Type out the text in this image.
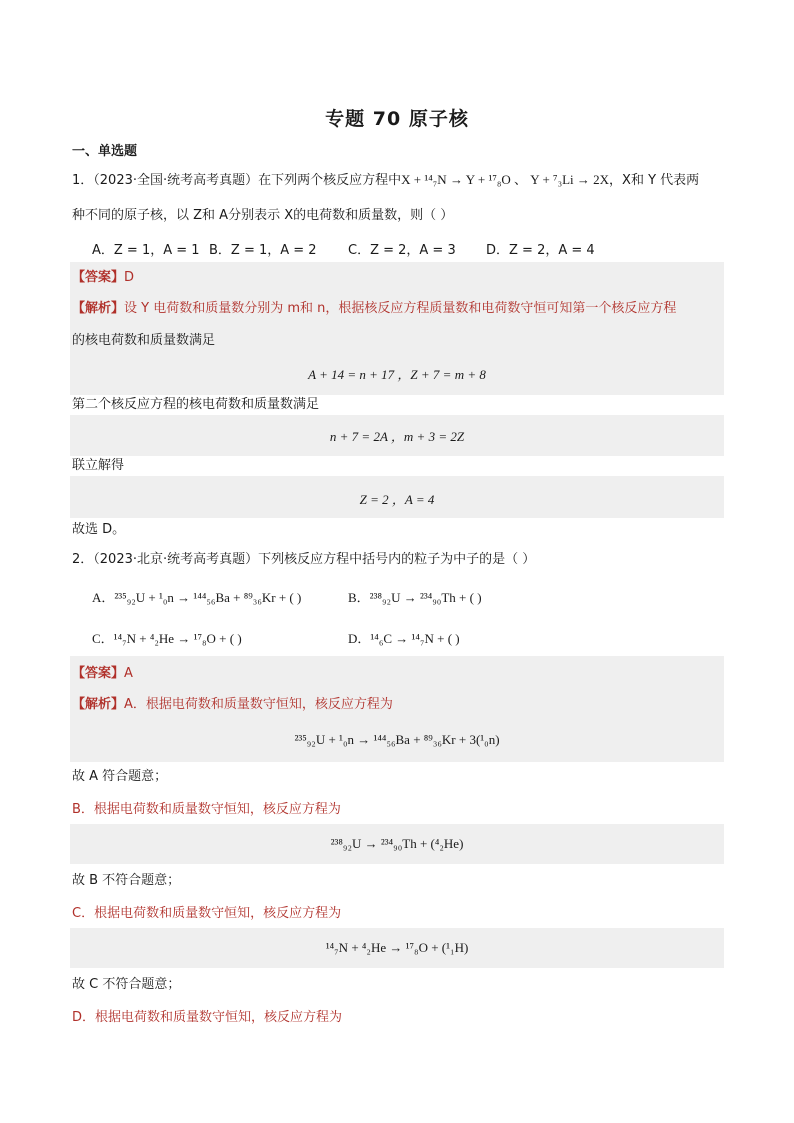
专题 70 原子核
一、单选题
1．（2023·全国·统考高考真题）在下列两个核反应方程中X + ¹⁴₇N → Y + ¹⁷₈O 、 Y + ⁷₃Li → 2X，X和 Y 代表两
种不同的原子核，以 Z和 A分别表示 X的电荷数和质量数，则（ ）
A．Z = 1，A = 1 B．Z = 1，A = 2 C．Z = 2，A = 3 D．Z = 2，A = 4
【答案】D
【解析】设 Y 电荷数和质量数分别为 m和 n，根据核反应方程质量数和电荷数守恒可知第一个核反应方程
的核电荷数和质量数满足
A + 14 = n + 17 ，Z + 7 = m + 8
第二个核反应方程的核电荷数和质量数满足
n + 7 = 2A ，m + 3 = 2Z
联立解得
Z = 2 ，A = 4
故选 D。
2．（2023·北京·统考高考真题）下列核反应方程中括号内的粒子为中子的是（ ）
A．²³⁵₉₂U + ¹₀n → ¹⁴⁴₅₆Ba + ⁸⁹₃₆Kr + ( )	B．²³⁸₉₂U → ²³⁴₉₀Th + ( )
C．¹⁴₇N + ⁴₂He → ¹⁷₈O + ( )	D．¹⁴₆C → ¹⁴₇N + ( )
【答案】A
【解析】A．根据电荷数和质量数守恒知，核反应方程为
²³⁵₉₂U + ¹₀n → ¹⁴⁴₅₆Ba + ⁸⁹₃₆Kr + 3(¹₀n)
故 A 符合题意；
B．根据电荷数和质量数守恒知，核反应方程为
²³⁸₉₂U → ²³⁴₉₀Th + (⁴₂He)
故 B 不符合题意；
C．根据电荷数和质量数守恒知，核反应方程为
¹⁴₇N + ⁴₂He → ¹⁷₈O + (¹₁H)
故 C 不符合题意；
D．根据电荷数和质量数守恒知，核反应方程为
